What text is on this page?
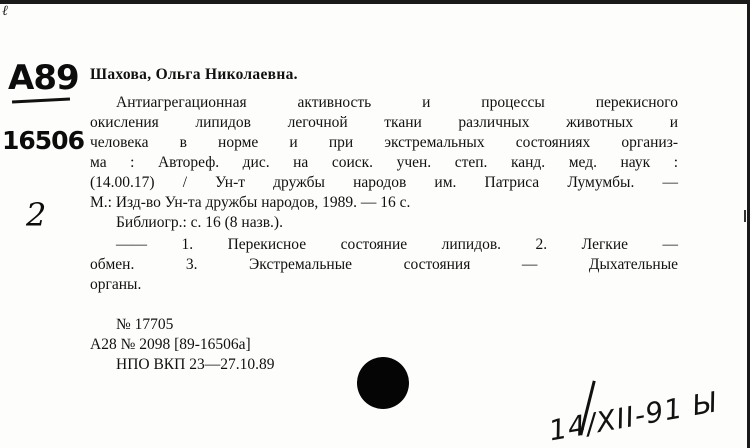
ℓ
A89
16506
2
Шахова, Ольга Николаевна.
Антиагрегационная активность и процессы перекисного
окисления липидов легочной ткани различных животных и
человека в норме и при экстремальных состояниях организ-
ма : Автореф. дис. на соиск. учен. степ. канд. мед. наук :
(14.00.17) / Ун-т дружбы народов им. Патриса Лумумбы. —
М.: Изд-во Ун-та дружбы народов, 1989. — 16 с.
Библиогр.: с. 16 (8 назв.).
—— 1. Перекисное состояние липидов. 2. Легкие —
обмен. 3. Экстремальные состояния — Дыхательные
органы.
№ 17705
А28 № 2098 [89-16506а]
НПО ВКП 23—27.10.89
14/XII-91 Ы
